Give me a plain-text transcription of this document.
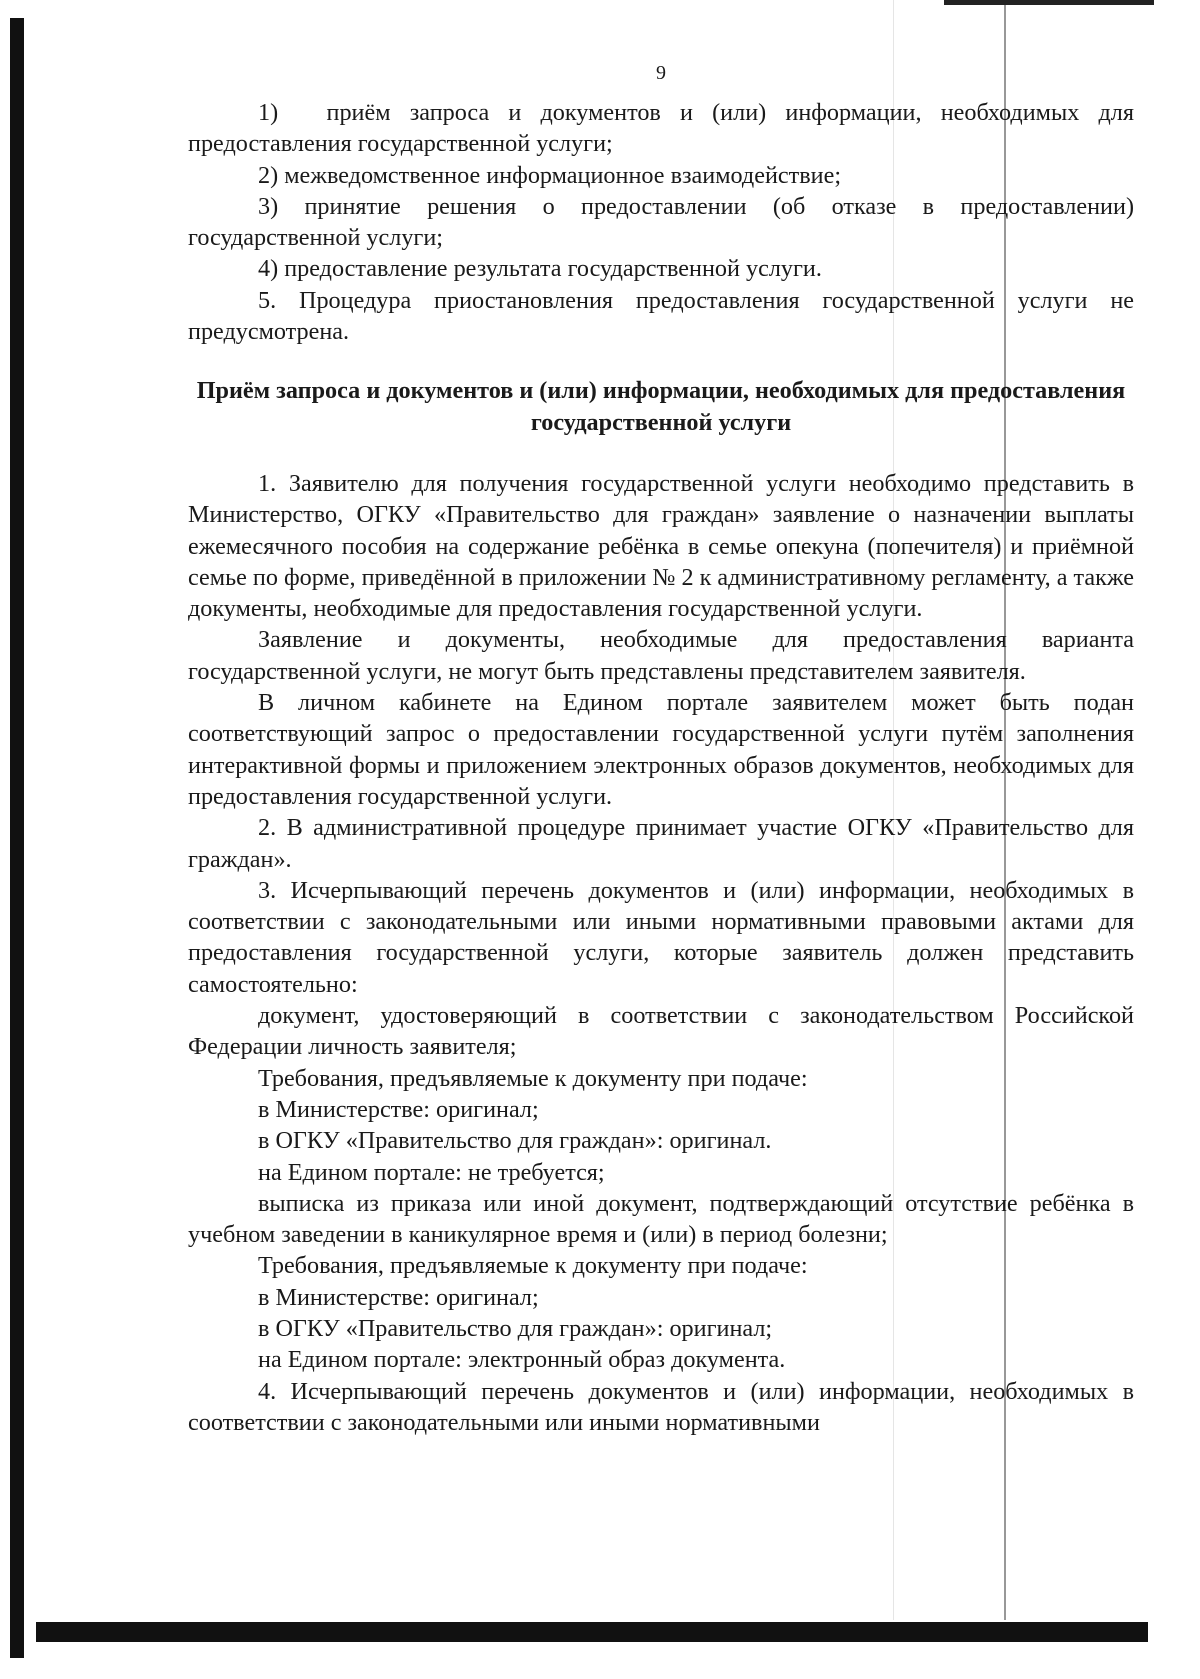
9

1)  приём запроса и документов и (или) информации, необходимых для предоставления государственной услуги;

2) межведомственное информационное взаимодействие;

3) принятие решения о предоставлении (об отказе в предоставлении) государственной услуги;

4) предоставление результата государственной услуги.

5. Процедура приостановления предоставления государственной услуги не предусмотрена.

Приём запроса и документов и (или) информации, необходимых для предоставления государственной услуги

1. Заявителю для получения государственной услуги необходимо представить в Министерство, ОГКУ «Правительство для граждан» заявление о назначении выплаты ежемесячного пособия на содержание ребёнка в семье опекуна (попечителя) и приёмной семье по форме, приведённой в приложении № 2 к административному регламенту, а также документы, необходимые для предоставления государственной услуги.

Заявление и документы, необходимые для предоставления варианта государственной услуги, не могут быть представлены представителем заявителя.

В личном кабинете на Едином портале заявителем может быть подан соответствующий запрос о предоставлении государственной услуги путём заполнения интерактивной формы и приложением электронных образов документов, необходимых для предоставления государственной услуги.

2. В административной процедуре принимает участие ОГКУ «Правительство для граждан».

3. Исчерпывающий перечень документов и (или) информации, необходимых в соответствии с законодательными или иными нормативными правовыми актами для предоставления государственной услуги, которые заявитель должен представить самостоятельно:

документ, удостоверяющий в соответствии с законодательством Российской Федерации личность заявителя;

Требования, предъявляемые к документу при подаче:

в Министерстве: оригинал;

в ОГКУ «Правительство для граждан»: оригинал.

на Едином портале: не требуется;

выписка из приказа или иной документ, подтверждающий отсутствие ребёнка в учебном заведении в каникулярное время и (или) в период болезни;

Требования, предъявляемые к документу при подаче:

в Министерстве: оригинал;

в ОГКУ «Правительство для граждан»: оригинал;

на Едином портале: электронный образ документа.

4. Исчерпывающий перечень документов и (или) информации, необходимых в соответствии с законодательными или иными нормативными
